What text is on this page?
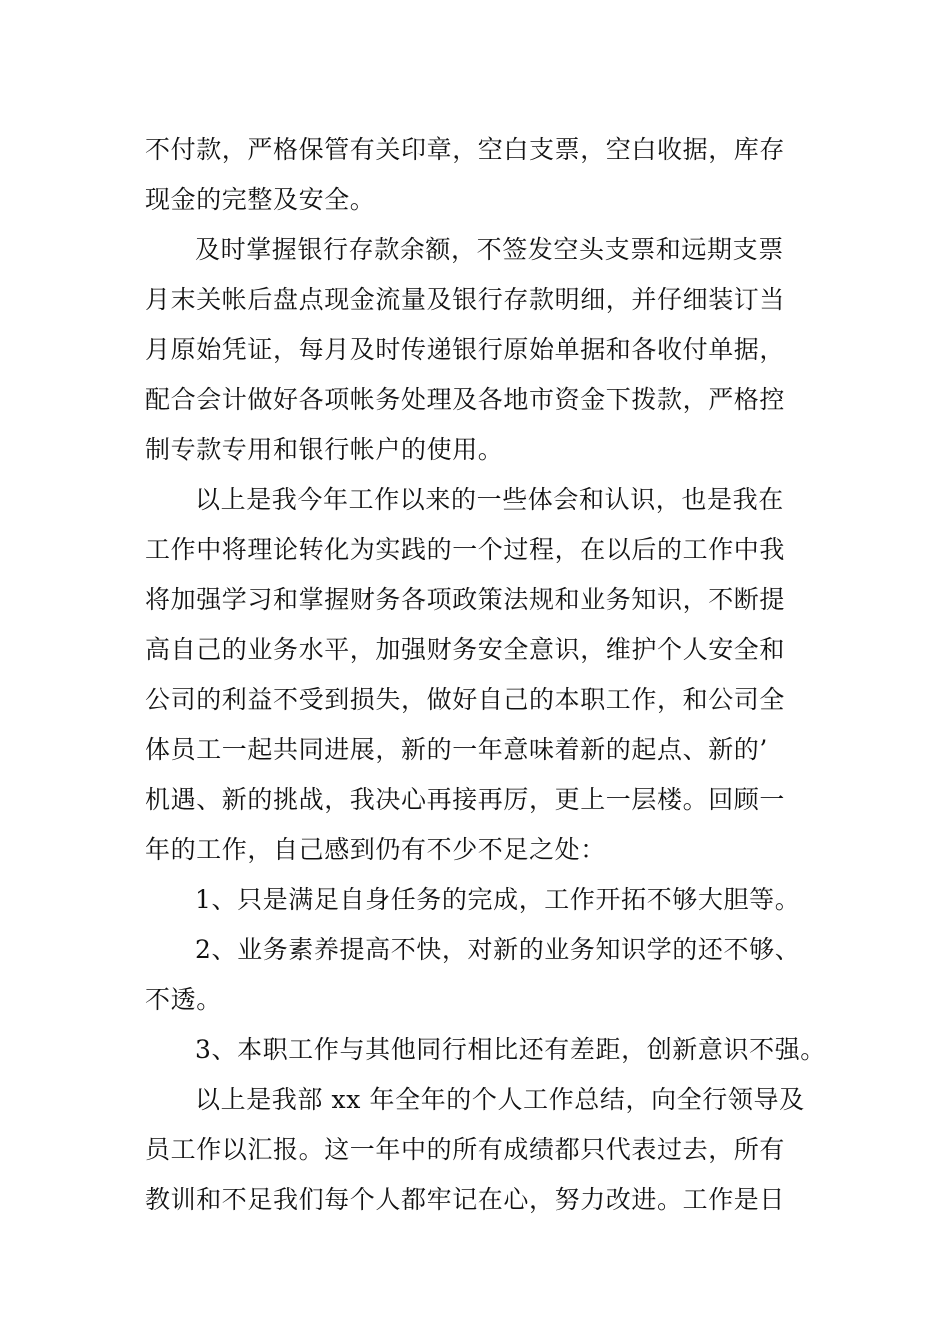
不付款，严格保管有关印章，空白支票，空白收据，库存
现金的完整及安全。
及时掌握银行存款余额，不签发空头支票和远期支票
月末关帐后盘点现金流量及银行存款明细，并仔细装订当
月原始凭证，每月及时传递银行原始单据和各收付单据，
配合会计做好各项帐务处理及各地市资金下拨款，严格控
制专款专用和银行帐户的使用。
以上是我今年工作以来的一些体会和认识，也是我在
工作中将理论转化为实践的一个过程，在以后的工作中我
将加强学习和掌握财务各项政策法规和业务知识，不断提
高自己的业务水平，加强财务安全意识，维护个人安全和
公司的利益不受到损失，做好自己的本职工作，和公司全
体员工一起共同进展，新的一年意味着新的起点、新的’
机遇、新的挑战，我决心再接再厉，更上一层楼。回顾一
年的工作，自己感到仍有不少不足之处：
1、只是满足自身任务的完成，工作开拓不够大胆等。
2、业务素养提高不快，对新的业务知识学的还不够、
不透。
3、本职工作与其他同行相比还有差距，创新意识不强。
以上是我部 xx 年全年的个人工作总结，向全行领导及
员工作以汇报。这一年中的所有成绩都只代表过去，所有
教训和不足我们每个人都牢记在心，努力改进。工作是日
